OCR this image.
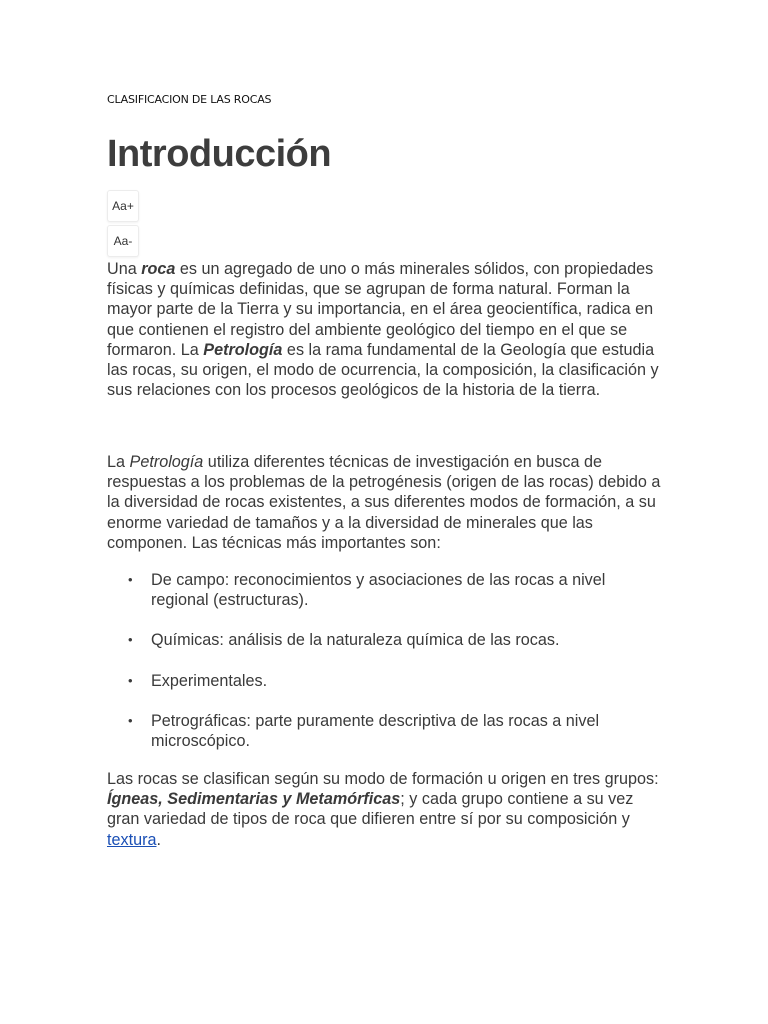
CLASIFICACION DE LAS ROCAS
Introducción
Aa+
Aa-

Una roca es un agregado de uno o más minerales sólidos, con propiedades físicas y químicas definidas, que se agrupan de forma natural. Forman la mayor parte de la Tierra y su importancia, en el área geocientífica, radica en que contienen el registro del ambiente geológico del tiempo en el que se formaron. La Petrología es la rama fundamental de la Geología que estudia las rocas, su origen, el modo de ocurrencia, la composición, la clasificación y sus relaciones con los procesos geológicos de la historia de la tierra.

La Petrología utiliza diferentes técnicas de investigación en busca de respuestas a los problemas de la petrogénesis (origen de las rocas) debido a la diversidad de rocas existentes, a sus diferentes modos de formación, a su enorme variedad de tamaños y a la diversidad de minerales que las componen. Las técnicas más importantes son:

• De campo: reconocimientos y asociaciones de las rocas a nivel regional (estructuras).
• Químicas: análisis de la naturaleza química de las rocas.
• Experimentales.
• Petrográficas: parte puramente descriptiva de las rocas a nivel microscópico.

Las rocas se clasifican según su modo de formación u origen en tres grupos: Ígneas, Sedimentarias y Metamórficas; y cada grupo contiene a su vez gran variedad de tipos de roca que difieren entre sí por su composición y textura.
